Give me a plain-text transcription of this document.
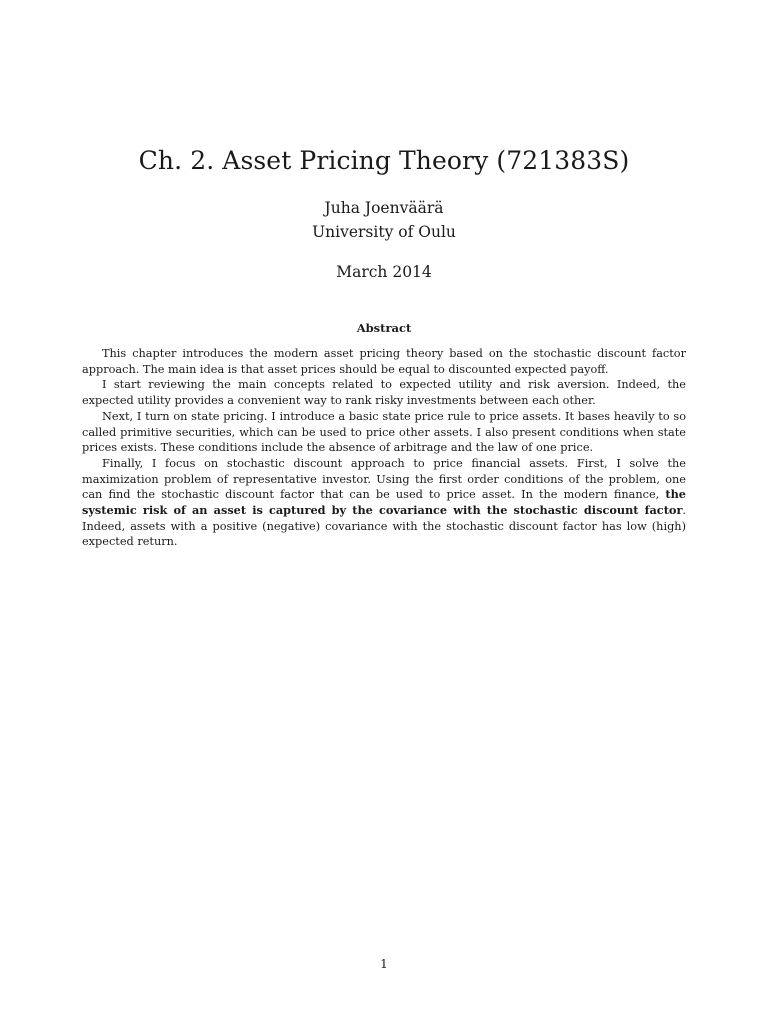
Ch. 2. Asset Pricing Theory (721383S)
Juha Joenväärä
University of Oulu
March 2014
Abstract

This chapter introduces the modern asset pricing theory based on the stochastic discount factor approach. The main idea is that asset prices should be equal to discounted expected payoff.

I start reviewing the main concepts related to expected utility and risk aversion. Indeed, the expected utility provides a convenient way to rank risky investments between each other.

Next, I turn on state pricing. I introduce a basic state price rule to price assets. It bases heavily to so called primitive securities, which can be used to price other assets. I also present conditions when state prices exists. These conditions include the absence of arbitrage and the law of one price.

Finally, I focus on stochastic discount approach to price financial assets. First, I solve the maximization problem of representative investor. Using the first order conditions of the problem, one can find the stochastic discount factor that can be used to price asset. In the modern finance, the systemic risk of an asset is captured by the covariance with the stochastic discount factor. Indeed, assets with a positive (negative) covariance with the stochastic discount factor has low (high) expected return.

1
